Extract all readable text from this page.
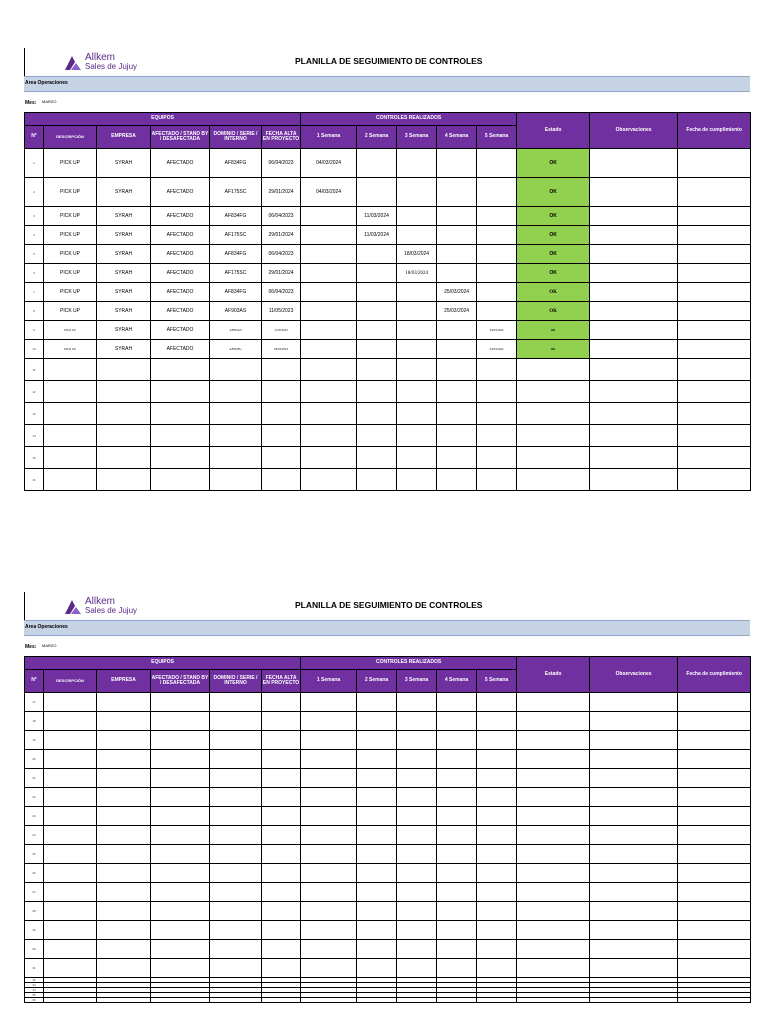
Allkem
Sales de Jujuy
PLANILLA DE SEGUIMIENTO DE CONTROLES
Area Operaciones
Mes: MARZO
EQUIPOS						CONTROLES REALIZADOS					Estado	Observaciones	Fecha de cumplimiento
N°	DESCRIPCIÓN	EMPRESA	AFECTADO / STAND BY / DESAFECTADA	DOMINIO / SERIE / INTERNO	FECHA ALTA EN PROYECTO	1 Semana	2 Semana	3 Semana	4 Semana	5 Semana			
1	PICK UP	SYRAH	AFECTADO	AF834FG	06/04/2023	04/03/2024					OK		
2	PICK UP	SYRAH	AFECTADO	AF175SC	29/01/2024	04/03/2024					OK		
3	PICK UP	SYRAH	AFECTADO	AF834FG	06/04/2023		11/03/2024				OK		
4	PICK UP	SYRAH	AFECTADO	AF175SC	29/01/2024		11/03/2024				OK		
5	PICK UP	SYRAH	AFECTADO	AF834FG	06/04/2023			18/03/2024			OK		
6	PICK UP	SYRAH	AFECTADO	AF175SC	29/01/2024			18/03/2024			OK		
7	PICK UP	SYRAH	AFECTADO	AF834FG	06/04/2023				25/03/2024		OK		
8	PICK UP	SYRAH	AFECTADO	AF903AS	11/05/2023				25/03/2024		OK		
9	PICK UP	SYRAH	AFECTADO	AF903AS	11/05/2023					04/03/2024	OK		
10	PICK UP	SYRAH	AFECTADO	AF834FG	06/04/2023					04/03/2024	OK		
11													
12													
13													
14													
15													
16													
Allkem
Sales de Jujuy
PLANILLA DE SEGUIMIENTO DE CONTROLES
Area Operaciones
Mes: MARZO
EQUIPOS						CONTROLES REALIZADOS					Estado	Observaciones	Fecha de cumplimiento
N°	DESCRIPCIÓN	EMPRESA	AFECTADO / STAND BY / DESAFECTADA	DOMINIO / SERIE / INTERNO	FECHA ALTA EN PROYECTO	1 Semana	2 Semana	3 Semana	4 Semana	5 Semana			
17													
18													
19													
20													
21													
22													
23													
24													
25													
26													
27													
28													
29													
30													
31													
32													
33													
34													
35													
36													
